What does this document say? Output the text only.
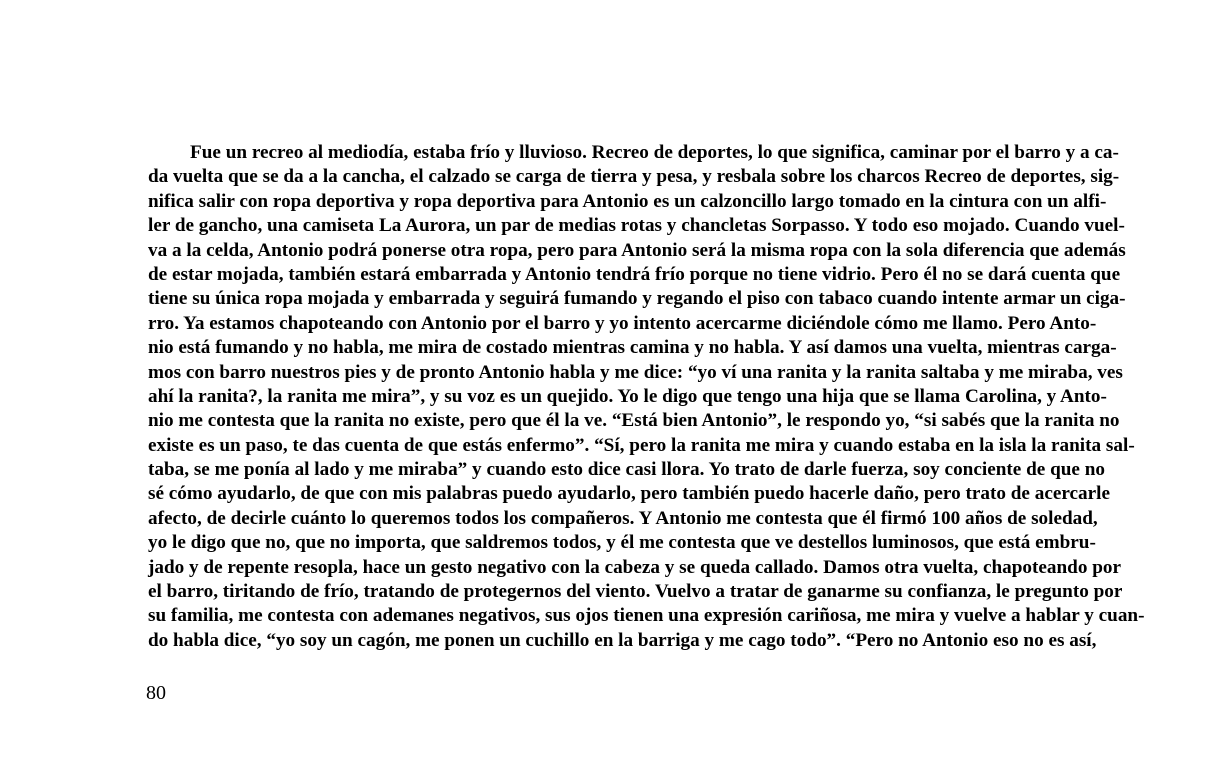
Fue un recreo al mediodía, estaba frío y lluvioso. Recreo de deportes, lo que significa, caminar por el barro y a ca-
da vuelta que se da a la cancha, el calzado se carga de tierra y pesa, y resbala sobre los charcos Recreo de deportes, sig-
nifica salir con ropa deportiva y ropa deportiva para Antonio es un calzoncillo largo tomado en la cintura con un alfi-
ler de gancho, una camiseta La Aurora, un par de medias rotas y chancletas Sorpasso. Y todo eso mojado. Cuando vuel-
va a la celda, Antonio podrá ponerse otra ropa, pero para Antonio será la misma ropa con la sola diferencia que además
de estar mojada, también estará embarrada y Antonio tendrá frío porque no tiene vidrio. Pero él no se dará cuenta que
tiene su única ropa mojada y embarrada y seguirá fumando y regando el piso con tabaco cuando intente armar un ciga-
rro. Ya estamos chapoteando con Antonio por el barro y yo intento acercarme diciéndole cómo me llamo. Pero Anto-
nio está fumando y no habla, me mira de costado mientras camina y no habla. Y así damos una vuelta, mientras carga-
mos con barro nuestros pies y de pronto Antonio habla y me dice: “yo ví una ranita y la ranita saltaba y me miraba, ves
ahí la ranita?, la ranita me mira”, y su voz es un quejido. Yo le digo que tengo una hija que se llama Carolina, y Anto-
nio me contesta que la ranita no existe, pero que él la ve. “Está bien Antonio”, le respondo yo, “si sabés que la ranita no
existe es un paso, te das cuenta de que estás enfermo”. “Sí, pero la ranita me mira y cuando estaba en la isla la ranita sal-
taba, se me ponía al lado y me miraba” y cuando esto dice casi llora. Yo trato de darle fuerza, soy conciente de que no
sé cómo ayudarlo, de que con mis palabras puedo ayudarlo, pero también puedo hacerle daño, pero trato de acercarle
afecto, de decirle cuánto lo queremos todos los compañeros. Y Antonio me contesta que él firmó 100 años de soledad,
yo le digo que no, que no importa, que saldremos todos, y él me contesta que ve destellos luminosos, que está embru-
jado y de repente resopla, hace un gesto negativo con la cabeza y se queda callado. Damos otra vuelta, chapoteando por
el barro, tiritando de frío, tratando de protegernos del viento. Vuelvo a tratar de ganarme su confianza, le pregunto por
su familia, me contesta con ademanes negativos, sus ojos tienen una expresión cariñosa, me mira y vuelve a hablar y cuan-
do habla dice, “yo soy un cagón, me ponen un cuchillo en la barriga y me cago todo”. “Pero no Antonio eso no es así,
80
